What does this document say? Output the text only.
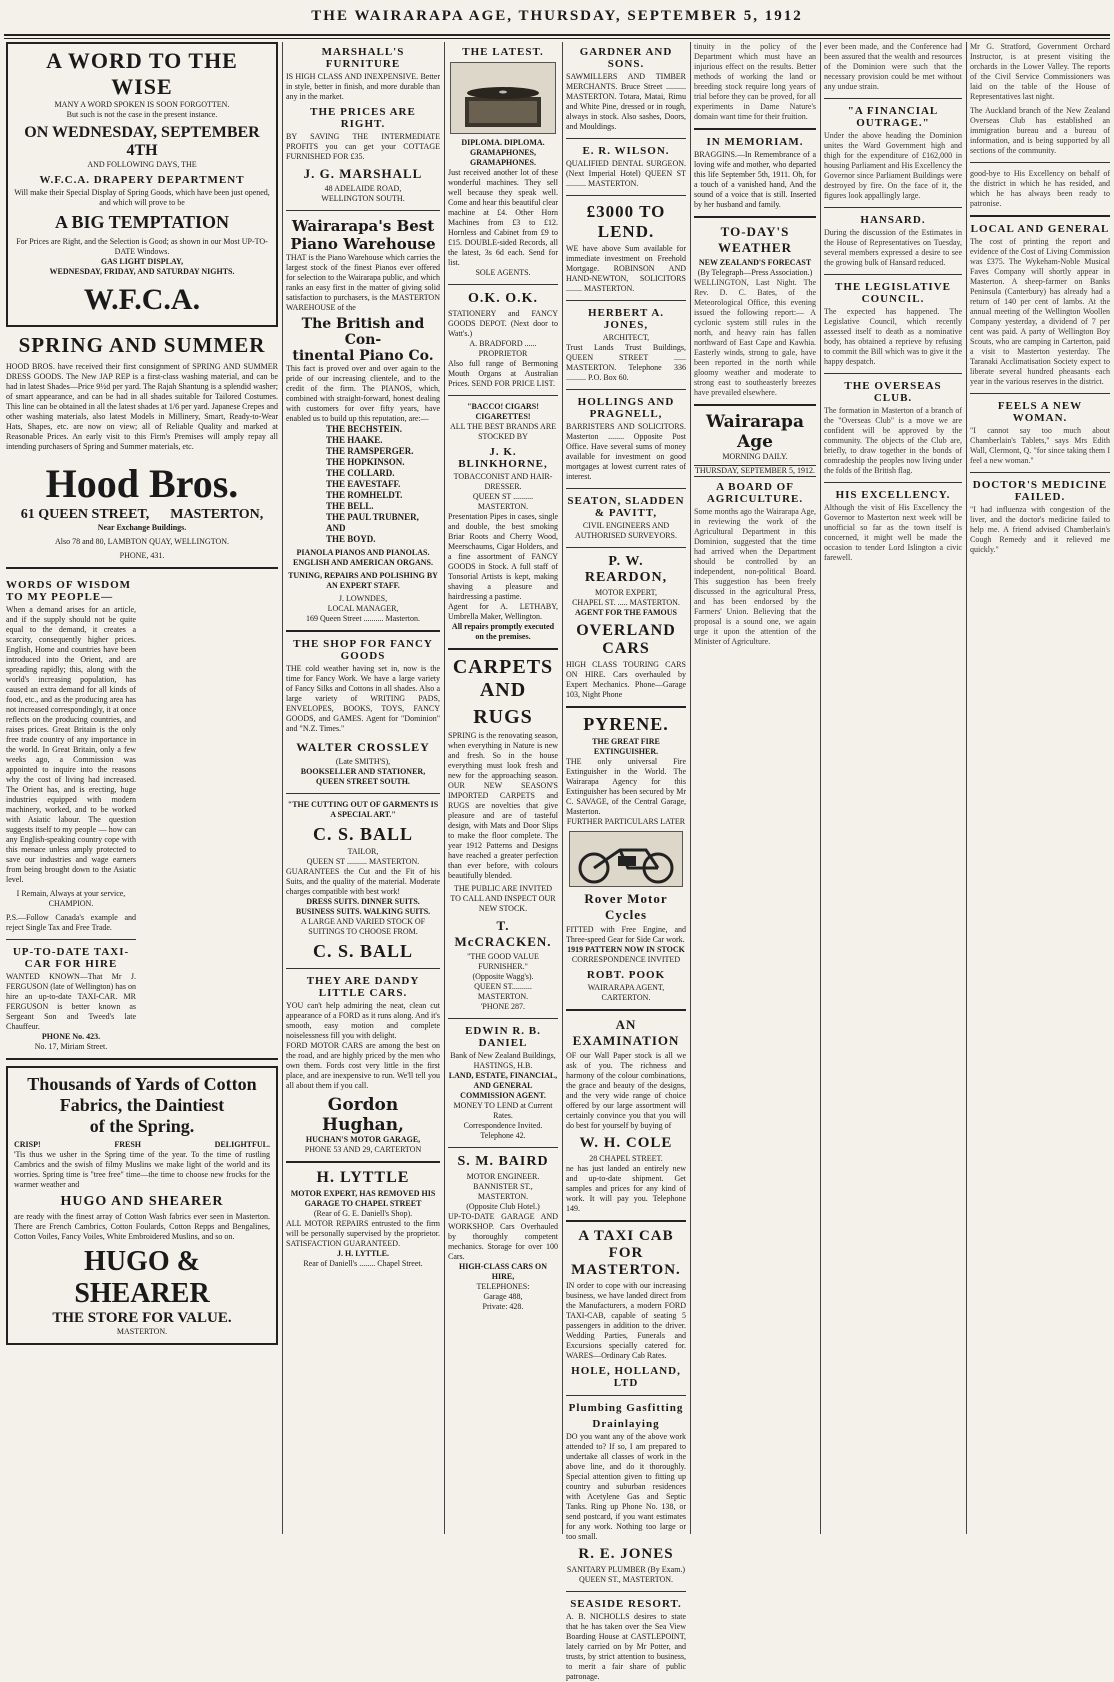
THE WAIRARAPA AGE, THURSDAY, SEPTEMBER 5, 1912
A WORD TO THE WISE
MANY A WORD SPOKEN IS SOON FORGOTTEN.
But such is not the case in the present instance.
ON WEDNESDAY, SEPTEMBER 4TH
AND FOLLOWING DAYS, THE
W.F.C.A. DRAPERY DEPARTMENT
Will make their Special Display of Spring Goods, which have been just opened, and which will prove to be
A BIG TEMPTATION
For Prices are Right, and the Selection is Good; as shown in our Most UP-TO-DATE Windows.
GAS LIGHT DISPLAY,
WEDNESDAY, FRIDAY, AND SATURDAY NIGHTS.
W.F.C.A.
SPRING AND SUMMER
HOOD BROS. have received their first consignment of SPRING AND SUMMER DRESS GOODS. The New JAP REP is a first-class washing material, and can be had in latest Shades—Price 9½d per yard. The Rajah Shantung is a splendid washer; of smart appearance, and can be had in all shades suitable for Tailored Costumes. This line can be obtained in all the latest shades at 1/6 per yard. Japanese Crepes and other washing materials, also latest Models in Millinery, Smart, Ready-to-Wear Hats, Shapes, etc. are now on view; all of Reliable Quality and marked at Reasonable Prices. An early visit to this Firm's Premises will amply repay all intending purchasers of Spring and Summer materials, etc.
Hood Bros.
61 QUEEN STREET,      MASTERTON,
Near Exchange Buildings.
Also 78 and 80, LAMBTON QUAY, WELLINGTON.
PHONE, 431.
WORDS OF WISDOM TO MY PEOPLE—
When a demand arises for an article, and if the supply should not be quite equal to the demand, it creates a scarcity, consequently higher prices. English, Home and countries have been introduced into the Orient, and are spreading rapidly; this, along with the world's increasing population, has caused an extra demand for all kinds of food, etc., and as the producing area has not increased correspondingly, it at once reflects on the producing countries, and raises prices. Great Britain is the only free trade country of any importance in the world. In Great Britain, only a few weeks ago, a Commission was appointed to inquire into the reasons why the cost of living had increased. The Orient has, and is erecting, huge industries equipped with modern machinery, worked, and to be worked with Asiatic labour. The question suggests itself to my people — how can any English-speaking country cope with this menace unless amply protected to save our industries and wage earners from being brought down to the Asiatic level.
I Remain, Always at your service, CHAMPION.
P.S.—Follow Canada's example and reject Single Tax and Free Trade.
UP-TO-DATE TAXI-CAR FOR HIRE
WANTED KNOWN—That Mr J. FERGUSON (late of Wellington) has on hire an up-to-date TAXI-CAR. MR FERGUSON is better known as Sergeant Son and Tweed's late Chauffeur.
PHONE No. 423.
No. 17, Miriam Street.
Thousands of Yards of Cotton
Fabrics, the Daintiest
of the Spring.
CRISP!	FRESH	DELIGHTFUL.
'Tis thus we usher in the Spring time of the year. To the time of rustling Cambrics and the swish of filmy Muslins we make light of the world and its worries. Spring time is "tree free" time—the time to choose new frocks for the warmer weather and
HUGO AND SHEARER
are ready with the finest array of Cotton Wash fabrics ever seen in Masterton. There are French Cambrics, Cotton Foulards, Cotton Repps and Bengalines, Cotton Voiles, Fancy Voiles, White Embroidered Muslins, and so on.
HUGO & SHEARER
THE STORE FOR VALUE.
MASTERTON.
MARSHALL'S FURNITURE
IS HIGH CLASS AND INEXPENSIVE. Better in style, better in finish, and more durable than any in the market.
THE PRICES ARE RIGHT.
BY SAVING THE INTERMEDIATE PROFITS you can get your COTTAGE FURNISHED FOR £35.
J. G. MARSHALL
48 ADELAIDE ROAD,
WELLINGTON SOUTH.
Wairarapa's Best
Piano Warehouse
THAT is the Piano Warehouse which carries the largest stock of the finest Pianos ever offered for selection to the Wairarapa public, and which ranks an easy first in the matter of giving solid satisfaction to purchasers, is the MASTERTON WAREHOUSE of the
The British and Con-
tinental Piano Co.
This fact is proved over and over again to the pride of our increasing clientele, and to the credit of the firm. The PIANOS, which, combined with straight-forward, honest dealing with customers for over fifty years, have enabled us to build up this reputation, are:—
THE BECHSTEIN.
THE HAAKE.
THE RAMSPERGER.
THE HOPKINSON.
THE COLLARD.
THE EAVESTAFF.
THE ROMHELDT.
THE BELL.
THE PAUL TRUBNER,
AND
THE BOYD.
PIANOLA PIANOS AND PIANOLAS. ENGLISH AND AMERICAN ORGANS.
TUNING, REPAIRS AND POLISHING BY AN EXPERT STAFF.
J. LOWNDES,
LOCAL MANAGER,
169 Queen Street .......... Masterton.
THE SHOP FOR FANCY GOODS
THE cold weather having set in, now is the time for Fancy Work. We have a large variety of Fancy Silks and Cottons in all shades. Also a large variety of WRITING PADS, ENVELOPES, BOOKS, TOYS, FANCY GOODS, and GAMES. Agent for "Dominion" and "N.Z. Times."
WALTER CROSSLEY
(Late SMITH'S),
BOOKSELLER AND STATIONER, QUEEN STREET SOUTH.
"THE CUTTING OUT OF GARMENTS IS A SPECIAL ART."
C. S. BALL
TAILOR,
QUEEN ST .......... MASTERTON.
GUARANTEES the Cut and the Fit of his Suits, and the quality of the material. Moderate charges compatible with best work!
DRESS SUITS. DINNER SUITS. BUSINESS SUITS. WALKING SUITS.
A LARGE AND VARIED STOCK OF SUITINGS TO CHOOSE FROM.
C. S. BALL
THEY ARE DANDY LITTLE CARS.
YOU can't help admiring the neat, clean cut appearance of a FORD as it runs along. And it's smooth, easy motion and complete noiselessness fill you with delight.
FORD MOTOR CARS are among the best on the road, and are highly priced by the men who own them. Fords cost very little in the first place, and are inexpensive to run. We'll tell you all about them if you call.
Gordon Hughan,
HUCHAN'S MOTOR GARAGE,
PHONE 53 AND 29, CARTERTON
H. LYTTLE
MOTOR EXPERT, HAS REMOVED HIS GARAGE TO CHAPEL STREET
(Rear of G. E. Daniell's Shop).
ALL MOTOR REPAIRS entrusted to the firm will be personally supervised by the proprietor. SATISFACTION GUARANTEED.
J. H. LYTTLE.
Rear of Daniell's ........ Chapel Street.
THE LATEST.
DIPLOMA. DIPLOMA.
GRAMAPHONES, GRAMAPHONES.
Just received another lot of these wonderful machines. They sell well because they speak well. Come and hear this beautiful clear machine at £4. Other Horn Machines from £3 to £12. Hornless and Cabinet from £9 to £15. DOUBLE-sided Records, all the latest, 3s 6d each. Send for list.
SOLE AGENTS.
O.K. O.K.
STATIONERY and FANCY GOODS DEPOT. (Next door to Watt's.)
A. BRADFORD ...... PROPRIETOR
Also full range of Bermoning Mouth Organs at Australian Prices. SEND FOR PRICE LIST.
"BACCO! CIGARS! CIGARETTES!
ALL THE BEST BRANDS ARE STOCKED BY
J. K. BLINKHORNE,
TOBACCONIST AND HAIR-DRESSER.
QUEEN ST .......... MASTERTON.
Presentation Pipes in cases, single and double, the best smoking Briar Roots and Cherry Wood, Meerschaums, Cigar Holders, and a fine assortment of FANCY GOODS in Stock. A full staff of Tonsorial Artists is kept, making shaving a pleasure and hairdressing a pastime.
Agent for A. LETHABY, Umbrella Maker, Wellington.
All repairs promptly executed on the premises.
CARPETS AND
RUGS
SPRING is the renovating season, when everything in Nature is new and fresh. So in the house everything must look fresh and new for the approaching season. OUR NEW SEASON'S IMPORTED CARPETS and RUGS are novelties that give pleasure and are of tasteful design, with Mats and Door Slips to make the floor complete. The year 1912 Patterns and Designs have reached a greater perfection than ever before, with colours beautifully blended.
THE PUBLIC ARE INVITED TO CALL AND INSPECT OUR NEW STOCK.
T. McCRACKEN.
"THE GOOD VALUE FURNISHER."
(Opposite Wagg's).
QUEEN ST.......... MASTERTON.
'PHONE 287.
EDWIN R. B. DANIEL
Bank of New Zealand Buildings,
HASTINGS, H.B.
LAND, ESTATE, FINANCIAL, AND GENERAL COMMISSION AGENT.
MONEY TO LEND at Current Rates.
Correspondence Invited.
Telephone 42.
S. M. BAIRD
MOTOR ENGINEER.
BANNISTER ST., MASTERTON.
(Opposite Club Hotel.)
UP-TO-DATE GARAGE AND WORKSHOP. Cars Overhauled by thoroughly competent mechanics. Storage for over 100 Cars.
HIGH-CLASS CARS ON HIRE,
TELEPHONES:
Garage 488,
Private: 428.
GARDNER AND SONS.
SAWMILLERS AND TIMBER MERCHANTS. Bruce Street .......... MASTERTON. Totara, Matai, Rimu and White Pine, dressed or in rough, always in stock. Also sashes, Doors, and Mouldings.
E. R. WILSON.
QUALIFIED DENTAL SURGEON. (Next Imperial Hotel) QUEEN ST .......... MASTERTON.
£3000 TO LEND.
WE have above Sum available for immediate investment on Freehold Mortgage. ROBINSON AND HAND-NEWTON, SOLICITORS ........ MASTERTON.
HERBERT A. JONES,
ARCHITECT,
Trust Lands Trust Buildings, QUEEN STREET ...... MASTERTON. Telephone 336 .......... P.O. Box 60.
HOLLINGS AND PRAGNELL,
BARRISTERS AND SOLICITORS. Masterton ........ Opposite Post Office. Have several sums of money available for investment on good mortgages at lowest current rates of interest.
SEATON, SLADDEN & PAVITT,
CIVIL ENGINEERS AND AUTHORISED SURVEYORS.
P. W. REARDON,
MOTOR EXPERT,
CHAPEL ST. ..... MASTERTON.
AGENT FOR THE FAMOUS
OVERLAND CARS
HIGH CLASS TOURING CARS ON HIRE. Cars overhauled by Expert Mechanics. Phone—Garage 103, Night Phone
PYRENE.
THE GREAT FIRE EXTINGUISHER.
THE only universal Fire Extinguisher in the World. The Wairarapa Agency for this Extinguisher has been secured by Mr C. SAVAGE, of the Central Garage, Masterton.
FURTHER PARTICULARS LATER
Rover Motor Cycles
FITTED with Free Engine, and Three-speed Gear for Side Car work.
1919 PATTERN NOW IN STOCK
CORRESPONDENCE INVITED
ROBT. POOK
WAIRARAPA AGENT, CARTERTON.
AN EXAMINATION
OF our Wall Paper stock is all we ask of you. The richness and harmony of the colour combinations, the grace and beauty of the designs, and the very wide range of choice offered by our large assortment will certainly convince you that you will do best for yourself by buying of
W. H. COLE
28 CHAPEL STREET.
ne has just landed an entirely new and up-to-date shipment. Get samples and prices for any kind of work. It will pay you. Telephone 149.
A TAXI CAB FOR MASTERTON.
IN order to cope with our increasing business, we have landed direct from the Manufacturers, a modern FORD TAXI-CAB, capable of seating 5 passengers in addition to the driver. Wedding Parties, Funerals and Excursions specially catered for. WARES—Ordinary Cab Rates.
HOLE, HOLLAND, LTD
Plumbing Gasfitting
Drainlaying
DO you want any of the above work attended to? If so, I am prepared to undertake all classes of work in the above line, and do it thoroughly. Special attention given to fitting up country and suburban residences with Acetylene Gas and Septic Tanks. Ring up Phone No. 138, or send postcard, if you want estimates for any work. Nothing too large or too small.
R. E. JONES
SANITARY PLUMBER (By Exam.)
QUEEN ST., MASTERTON.
SEASIDE RESORT.
A. B. NICHOLLS desires to state that he has taken over the Sea View Boarding House at CASTLEPOINT, lately carried on by Mr Potter, and trusts, by strict attention to business, to merit a fair share of public patronage.
tinuity in the policy of the Department which must have an injurious effect on the results. Better methods of working the land or breeding stock require long years of trial before they can be proved, for all experiments in Dame Nature's domain want time for their fruition.
IN MEMORIAM.
BRAGGINS.—In Remembrance of a loving wife and mother, who departed this life September 5th, 1911. Oh, for a touch of a vanished hand, And the sound of a voice that is still. Inserted by her husband and family.
TO-DAY'S WEATHER
NEW ZEALAND'S FORECAST
(By Telegraph—Press Association.)
WELLINGTON, Last Night. The Rev. D. C. Bates, of the Meteorological Office, this evening issued the following report:— A cyclonic system still rules in the north, and heavy rain has fallen northward of East Cape and Kawhia. Easterly winds, strong to gale, have been reported in the north while gloomy weather and moderate to strong east to southeasterly breezes have prevailed elsewhere.
Wairarapa Age
MORNING DAILY.
THURSDAY, SEPTEMBER 5, 1912.
A BOARD OF AGRICULTURE.
Some months ago the Wairarapa Age, in reviewing the work of the Agricultural Department in this Dominion, suggested that the time had arrived when the Department should be controlled by an independent, non-political Board. This suggestion has been freely discussed in the agricultural Press, and has been endorsed by the Farmers' Union. Believing that the proposal is a sound one, we again urge it upon the attention of the Minister of Agriculture.
ever been made, and the Conference had been assured that the wealth and resources of the Dominion were such that the necessary provision could be met without any undue strain.
"A FINANCIAL OUTRAGE."
Under the above heading the Dominion unites the Ward Government high and thigh for the expenditure of £162,000 in housing Parliament and His Excellency the Governor since Parliament Buildings were destroyed by fire. On the face of it, the figures look appallingly large.
HANSARD.
During the discussion of the Estimates in the House of Representatives on Tuesday, several members expressed a desire to see the growing bulk of Hansard reduced.
THE LEGISLATIVE COUNCIL.
The expected has happened. The Legislative Council, which recently assessed itself to death as a nominative body, has obtained a reprieve by refusing to commit the Bill which was to give it the happy despatch.
THE OVERSEAS CLUB.
The formation in Masterton of a branch of the "Overseas Club" is a move we are confident will be approved by the community. The objects of the Club are, briefly, to draw together in the bonds of comradeship the peoples now living under the folds of the British flag.
HIS EXCELLENCY.
Although the visit of His Excellency the Governor to Masterton next week will be unofficial so far as the town itself is concerned, it might well be made the occasion to tender Lord Islington a civic farewell.
Mr G. Stratford, Government Orchard Instructor, is at present visiting the orchards in the Lower Valley. The reports of the Civil Service Commissioners was laid on the table of the House of Representatives last night.
The Auckland branch of the New Zealand Overseas Club has established an immigration bureau and a bureau of information, and is being supported by all sections of the community.
good-bye to His Excellency on behalf of the district in which he has resided, and which he has always been ready to patronise.
LOCAL AND GENERAL
The cost of printing the report and evidence of the Cost of Living Commission was £375. The Wykeham-Noble Musical Faves Company will shortly appear in Masterton. A sheep-farmer on Banks Peninsula (Canterbury) has already had a return of 140 per cent of lambs. At the annual meeting of the Wellington Woollen Company yesterday, a dividend of 7 per cent was paid. A party of Wellington Boy Scouts, who are camping in Carterton, paid a visit to Masterton yesterday. The Taranaki Acclimatisation Society expect to liberate several hundred pheasants each year in the various reserves in the district.
FEELS A NEW WOMAN.
"I cannot say too much about Chamberlain's Tablets," says Mrs Edith Wall, Clermont, Q. "for since taking them I feel a new woman."
DOCTOR'S MEDICINE FAILED.
"I had influenza with congestion of the liver, and the doctor's medicine failed to help me. A friend advised Chamberlain's Cough Remedy and it relieved me quickly."
